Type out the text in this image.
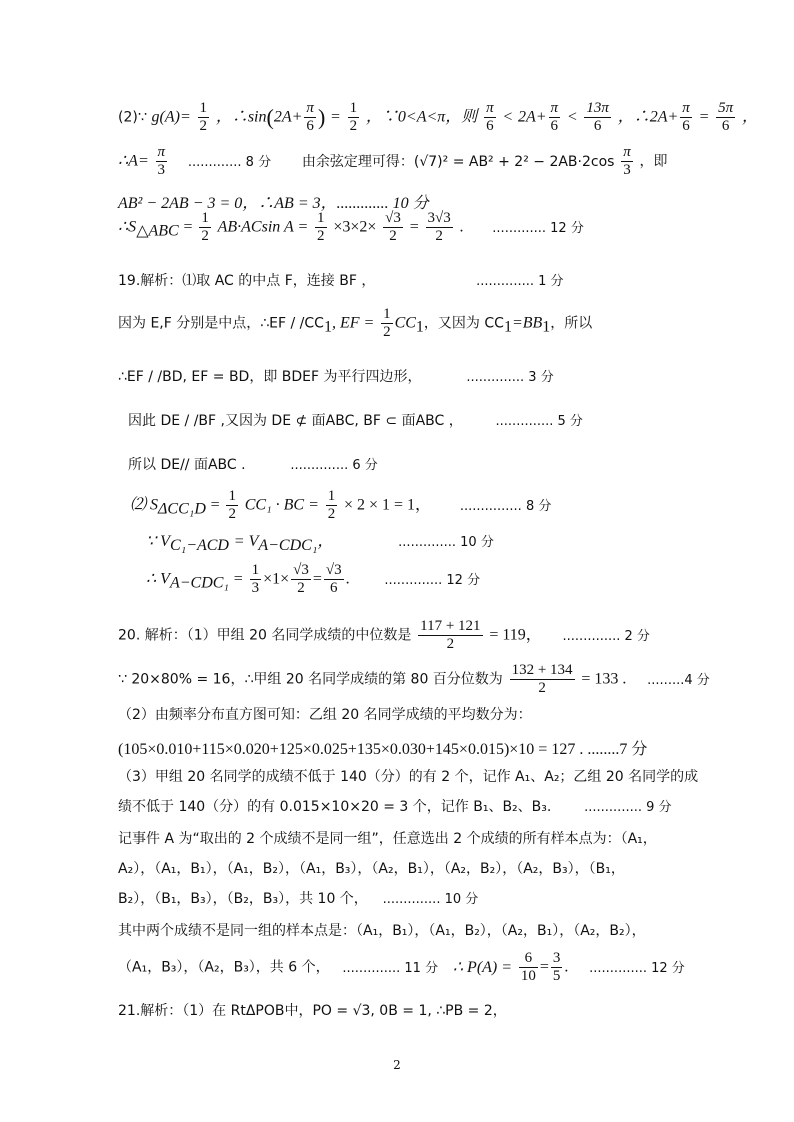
(2)∵ $g(A)= \frac{1}{2}$ ，∴sin(2A+ $\frac{\pi}{6}$ ) = $\frac{1}{2}$ ，∵0<A<π，则 $\frac{\pi}{6} < 2A+ \frac{\pi}{6} < \frac{13\pi}{6}$ ，∴2A+ $\frac{\pi}{6} = \frac{5\pi}{6}$ ，
∴A= $\frac{\pi}{3}$ ............. 8 分 由余弦定理可得：$(√7)^2 = AB^2 + 2^2 - 2AB\cdot 2\cos \frac{\pi}{3}$ ，即
AB² − 2AB − 3 = 0，∴AB = 3，............. 10 分
$\therefore S_{\triangle ABC} = \frac{1}{2} AB\cdot ACsin$ $A = \frac{1}{2} \times 3\times 2\times \frac{√3}{2} = \frac{3√3}{2}$ . ............. 12 分
19.解析：⑴取 AC 的中点 F，连接 BF ，	.............. 1 分
因为 E,F 分别是中点，∴EF / $/CC_1$, EF = $\frac{1}{2} CC_1$，又因为 $CC_1=BB_1$，所以
∴EF / /BD, EF = BD，即 BDEF 为平行四边形，	.............. 3 分
因此 DE / /BF ,又因为 DE ⊄ 面ABC, BF ⊂ 面ABC ，	.............. 5 分
所以 DE// 面ABC .	.............. 6 分
⑵ $S_{\Delta CC_1D} = \frac{1}{2} CC_1$ · BC = $\frac{1}{2} \times 2 \times 1 = 1$， ............... 8 分
∵ $V_{C_1-ACD} = V_{A-CDC_1}$，	.............. 10 分
∴ $V_{A-CDC_1} = \frac{1}{3} \times 1\times \frac{√3}{2} = \frac{√3}{6}$ .	.............. 12 分
20. 解析：（1）甲组 20 名同学成绩的中位数是 $\frac{117 + 121}{2} = 119$， .............. 2 分
∵ 20×80% = 16，∴甲组 20 名同学成绩的第 80 百分位数为 $\frac{132 + 134}{2} = 133$ . .........4 分
（2）由频率分布直方图可知：乙组 20 名同学成绩的平均数分为：
(105×0.010+115×0.020+125×0.025+135×0.030+145×0.015)×10 = 127 . ........7 分
（3）甲组 20 名同学的成绩不低于 140（分）的有 2 个，记作 A₁、A₂；乙组 20 名同学的成
绩不低于 140（分）的有 0.015×10×20 = 3 个，记作 B₁、B₂、B₃.	.............. 9 分
记事件 A 为“取出的 2 个成绩不是同一组”，任意选出 2 个成绩的所有样本点为：（A₁，
A₂），（A₁，B₁），（A₁，B₂），（A₁，B₃），（A₂，B₁），（A₂，B₂），（A₂，B₃），（B₁，
B₂），（B₁，B₃），（B₂，B₃），共 10 个， .............. 10 分
其中两个成绩不是同一组的样本点是：（A₁，B₁），（A₁，B₂），（A₂，B₁），（A₂，B₂），
（A₁，B₃），（A₂，B₃），共 6 个， .............. 11 分 ∴ $P(A) = \frac{6}{10} = \frac{3}{5}$ . .............. 12 分
21.解析：（1）在 RtΔPOB中，PO = √3, 0B = 1, ∴PB = 2，
2
